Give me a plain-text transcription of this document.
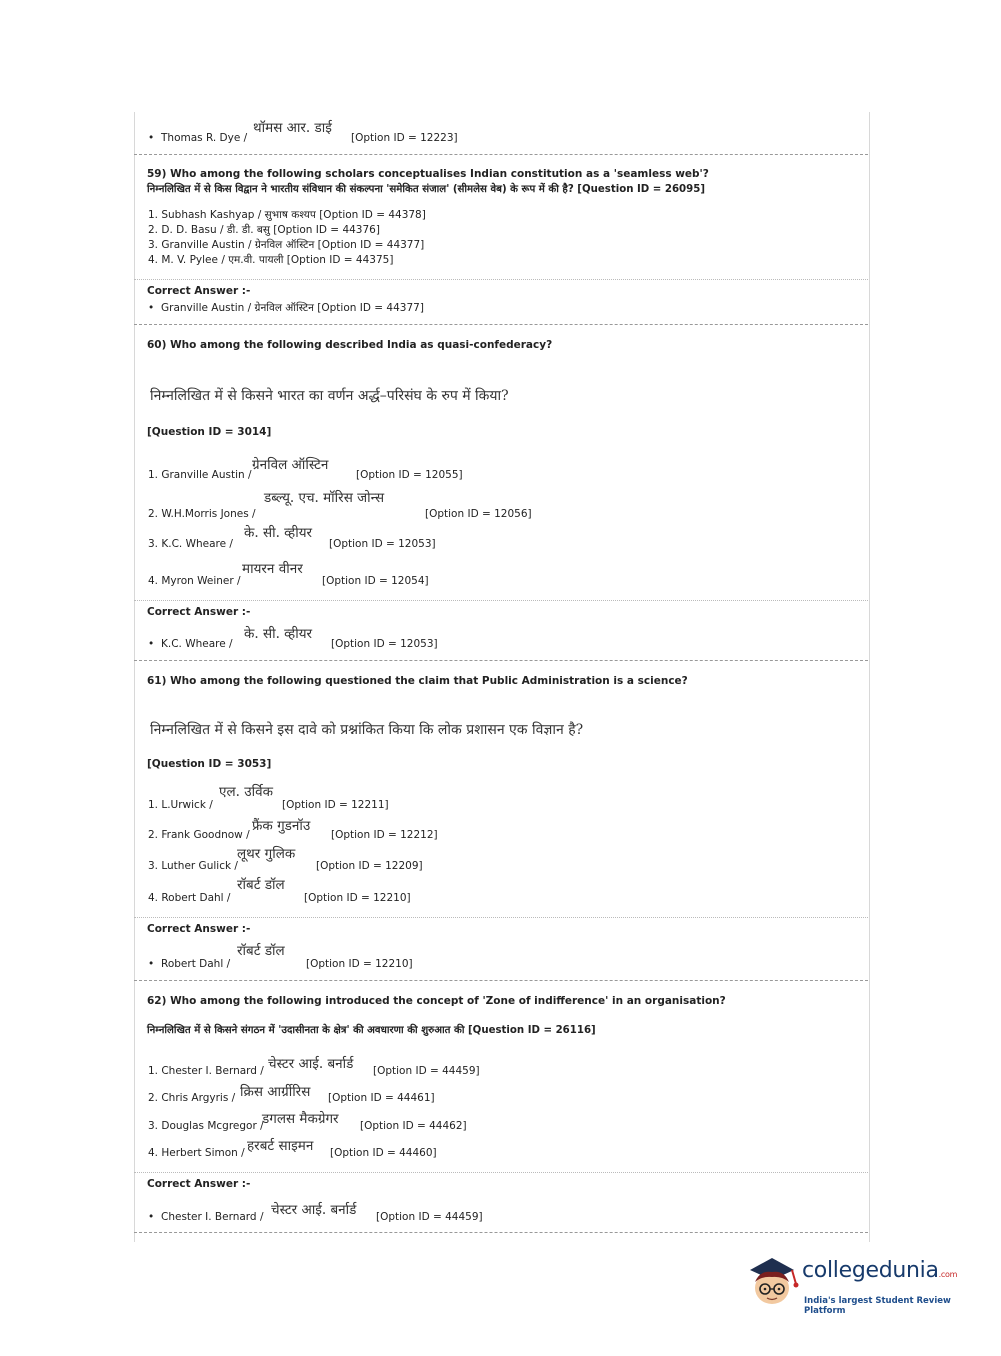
• Thomas R. Dye /
थॉमस आर. डाई
[Option ID = 12223]
59) Who among the following scholars conceptualises Indian constitution as a 'seamless web'?
निम्नलिखित में से किस विद्वान ने भारतीय संविधान की संकल्पना 'समेकित संजाल' (सीमलेस वेब) के रूप में की है? [Question ID = 26095]
1. Subhash Kashyap / सुभाष कश्यप [Option ID = 44378]
2. D. D. Basu / डी. डी. बसु [Option ID = 44376]
3. Granville Austin / ग्रेनविल ऑस्टिन [Option ID = 44377]
4. M. V. Pylee / एम.वी. पायली [Option ID = 44375]
Correct Answer :-
• Granville Austin / ग्रेनविल ऑस्टिन [Option ID = 44377]
60) Who among the following described India as quasi-confederacy?
निम्नलिखित में से किसने भारत का वर्णन अर्द्ध–परिसंघ के रुप में किया?
[Question ID = 3014]
1. Granville Austin /
ग्रेनविल ऑस्टिन
[Option ID = 12055]
2. W.H.Morris Jones /
डब्ल्यू. एच. मॉरिस जोन्स
[Option ID = 12056]
3. K.C. Wheare /
के. सी. व्हीयर
[Option ID = 12053]
4. Myron Weiner /
मायरन वीनर
[Option ID = 12054]
Correct Answer :-
• K.C. Wheare /
के. सी. व्हीयर
[Option ID = 12053]
61) Who among the following questioned the claim that Public Administration is a science?
निम्नलिखित में से किसने इस दावे को प्रश्नांकित किया कि लोक प्रशासन एक विज्ञान है?
[Question ID = 3053]
1. L.Urwick /
एल. उर्विक
[Option ID = 12211]
2. Frank Goodnow /
फ्रैंक गुडनॉउ
[Option ID = 12212]
3. Luther Gulick /
लूथर गुलिक
[Option ID = 12209]
4. Robert Dahl /
रॉबर्ट डॉल
[Option ID = 12210]
Correct Answer :-
• Robert Dahl /
रॉबर्ट डॉल
[Option ID = 12210]
62) Who among the following introduced the concept of 'Zone of indifference' in an organisation?
निम्नलिखित में से किसने संगठन में 'उदासीनता के क्षेत्र' की अवधारणा की शुरुआत की [Question ID = 26116]
1. Chester I. Bernard / चेस्टर आई. बर्नार्ड [Option ID = 44459]
2. Chris Argyris / क्रिस आर्ग्रीरिस [Option ID = 44461]
3. Douglas Mcgregor /
डगलस मैकग्रेगर [Option ID = 44462]
4. Herbert Simon / हरबर्ट साइमन [Option ID = 44460]
Correct Answer :-
• Chester I. Bernard / चेस्टर आई. बर्नार्ड [Option ID = 44459]
collegedunia.com
India's largest Student Review Platform
